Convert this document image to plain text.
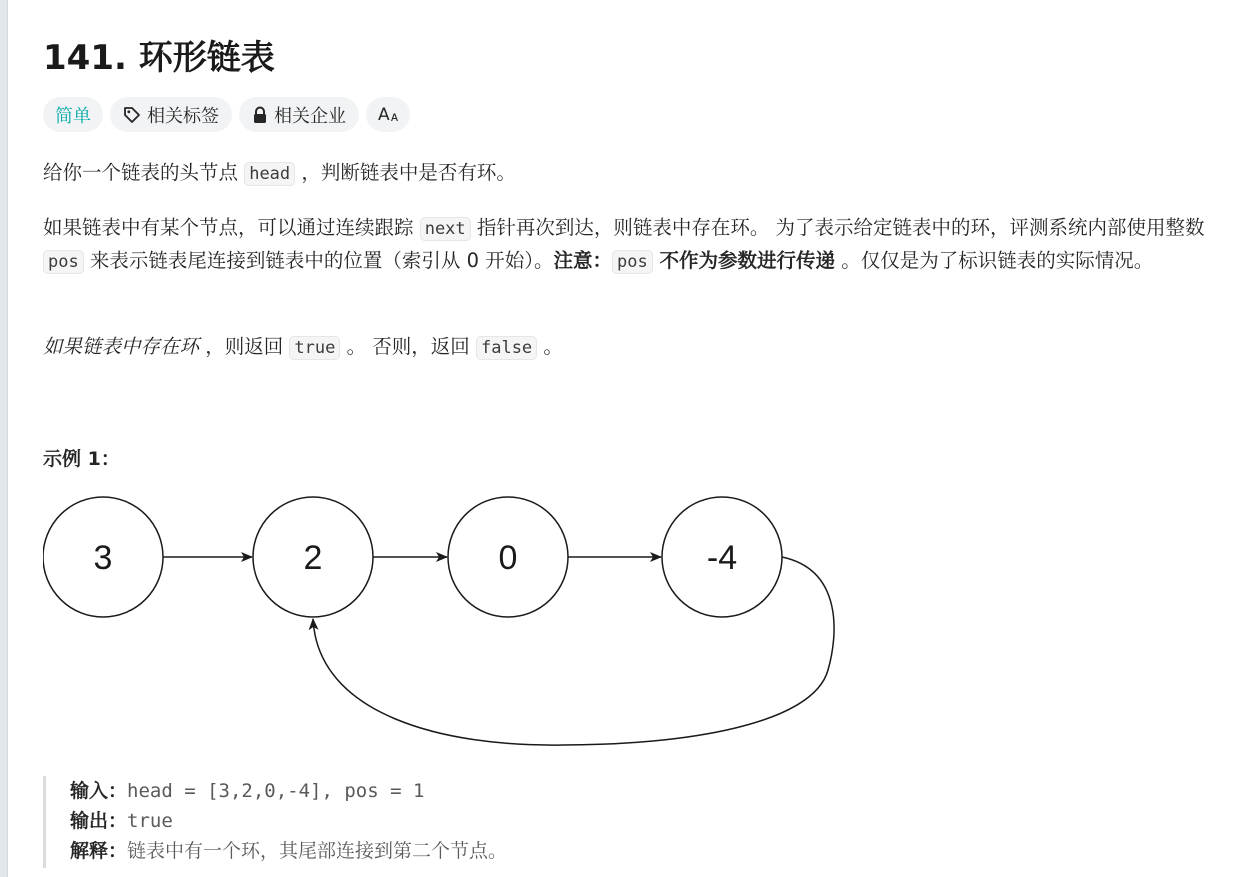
141. 环形链表
简单	相关标签	相关企业 A ᴀ
给你一个链表的头节点 head ，判断链表中是否有环。
如果链表中有某个节点，可以通过连续跟踪 next 指针再次到达，则链表中存在环。 为了表示给定链表中的环，评测系统内部使用整数 pos 来表示链表尾连接到链表中的位置（索引从 0 开始）。注意： pos 不作为参数进行传递 。仅仅是为了标识链表的实际情况。
如果链表中存在环 ，则返回 true 。 否则，返回 false 。
示例 1：
3	2	0	-4
输入：head = [3,2,0,-4], pos = 1
输出：true
解释：链表中有一个环，其尾部连接到第二个节点。
